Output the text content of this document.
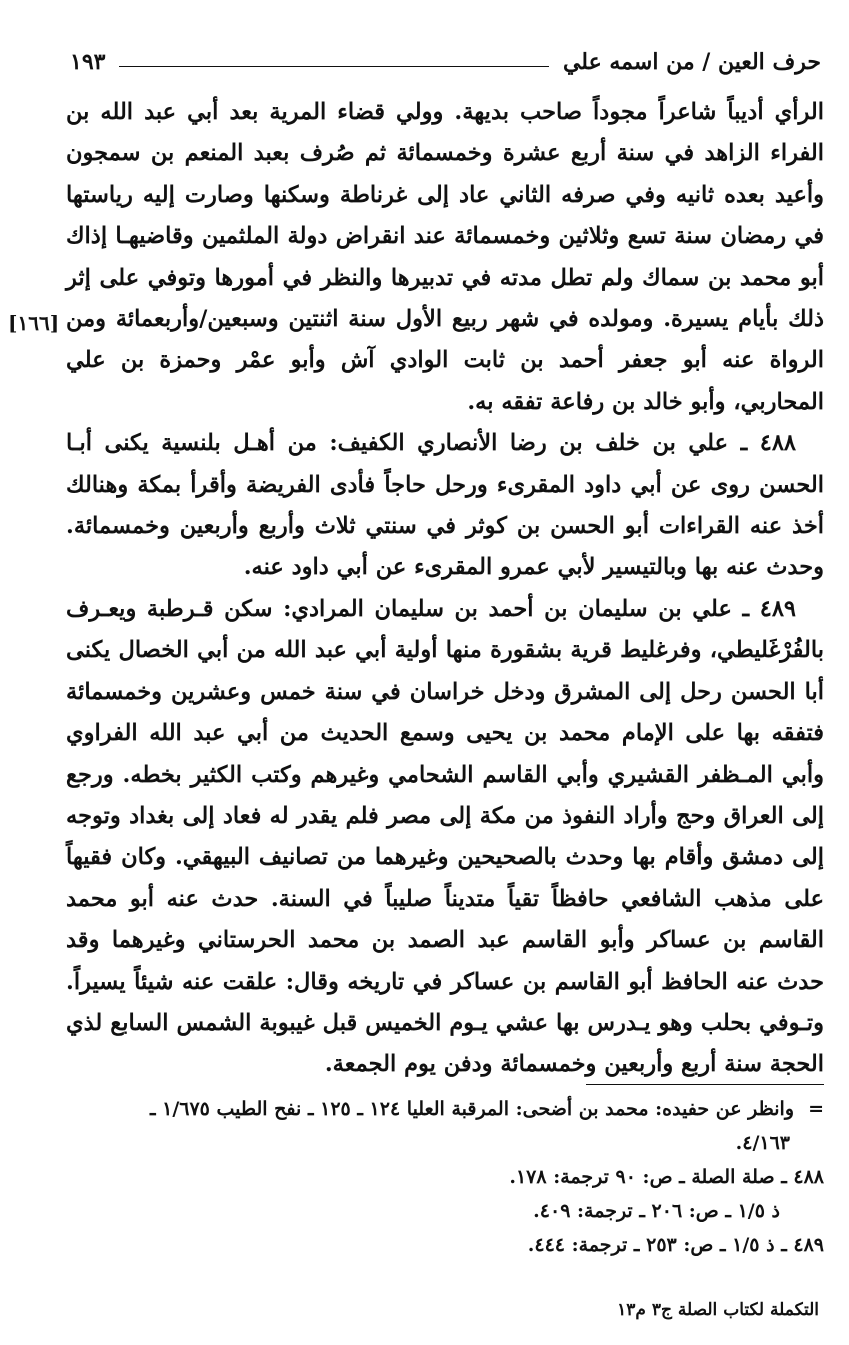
حرف العين / من اسمه علي
١٩٣
[١٦٦]

الرأي أديباً شاعراً مجوداً صاحب بديهة. وولي قضاء المرية بعد أبي عبد الله بن الفراء الزاهد في سنة أربع عشرة وخمسمائة ثم صُرف بعبد المنعم بن سمجون وأعيد بعده ثانيه وفي صرفه الثاني عاد إلى غرناطة وسكنها وصارت إليه رياستها في رمضان سنة تسع وثلاثين وخمسمائة عند انقراض دولة الملثمين وقاضيهـا إذاك أبو محمد بن سماك ولم تطل مدته في تدبيرها والنظر في أمورها وتوفي على إثر ذلك بأيام يسيرة. ومولده في شهر ربيع الأول سنة اثنتين وسبعين/وأربعمائة ومن الرواة عنه أبو جعفر أحمد بن ثابت الوادي آش وأبو عمْر وحمزة بن علي المحاربي، وأبو خالد بن رفاعة تفقه به.

٤٨٨ ـ علي بن خلف بن رضا الأنصاري الكفيف: من أهـل بلنسية يكنى أبـا الحسن روى عن أبي داود المقرىء ورحل حاجاً فأدى الفريضة وأقرأ بمكة وهنالك أخذ عنه القراءات أبو الحسن بن كوثر في سنتي ثلاث وأربع وأربعين وخمسمائة. وحدث عنه بها وبالتيسير لأبي عمرو المقرىء عن أبي داود عنه.

٤٨٩ ـ علي بن سليمان بن أحمد بن سليمان المرادي: سكن قـرطبة ويعـرف بالفُرْغَليطي، وفرغليط قرية بشقورة منها أولية أبي عبد الله من أبي الخصال يكنى أبا الحسن رحل إلى المشرق ودخل خراسان في سنة خمس وعشرين وخمسمائة فتفقه بها على الإمام محمد بن يحيى وسمع الحديث من أبي عبد الله الفراوي وأبي المـظفر القشيري وأبي القاسم الشحامي وغيرهم وكتب الكثير بخطه. ورجع إلى العراق وحج وأراد النفوذ من مكة إلى مصر فلم يقدر له فعاد إلى بغداد وتوجه إلى دمشق وأقام بها وحدث بالصحيحين وغيرهما من تصانيف البيهقي. وكان فقيهاً على مذهب الشافعي حافظاً تقياً متديناً صليباً في السنة. حدث عنه أبو محمد القاسم بن عساكر وأبو القاسم عبد الصمد بن محمد الحرستاني وغيرهما وقد حدث عنه الحافظ أبو القاسم بن عساكر في تاريخه وقال: علقت عنه شيئاً يسيراً. وتـوفي بحلب وهو يـدرس بها عشي يـوم الخميس قبل غيبوبة الشمس السابع لذي الحجة سنة أربع وأربعين وخمسمائة ودفن يوم الجمعة.

=وانظر عن حفيده: محمد بن أضحى: المرقبة العليا ١٢٤ ـ ١٢٥ ـ نفح الطيب ١/٦٧٥ ـ

٤/١٦٣.

٤٨٨ ـ صلة الصلة ـ ص: ٩٠ ترجمة: ١٧٨.

ذ ١/٥ ـ ص: ٢٠٦ ـ ترجمة: ٤٠٩.

٤٨٩ ـ ذ ١/٥ ـ ص: ٢٥٣ ـ ترجمة: ٤٤٤.

التكملة لكتاب الصلة ج٣ م١٣
